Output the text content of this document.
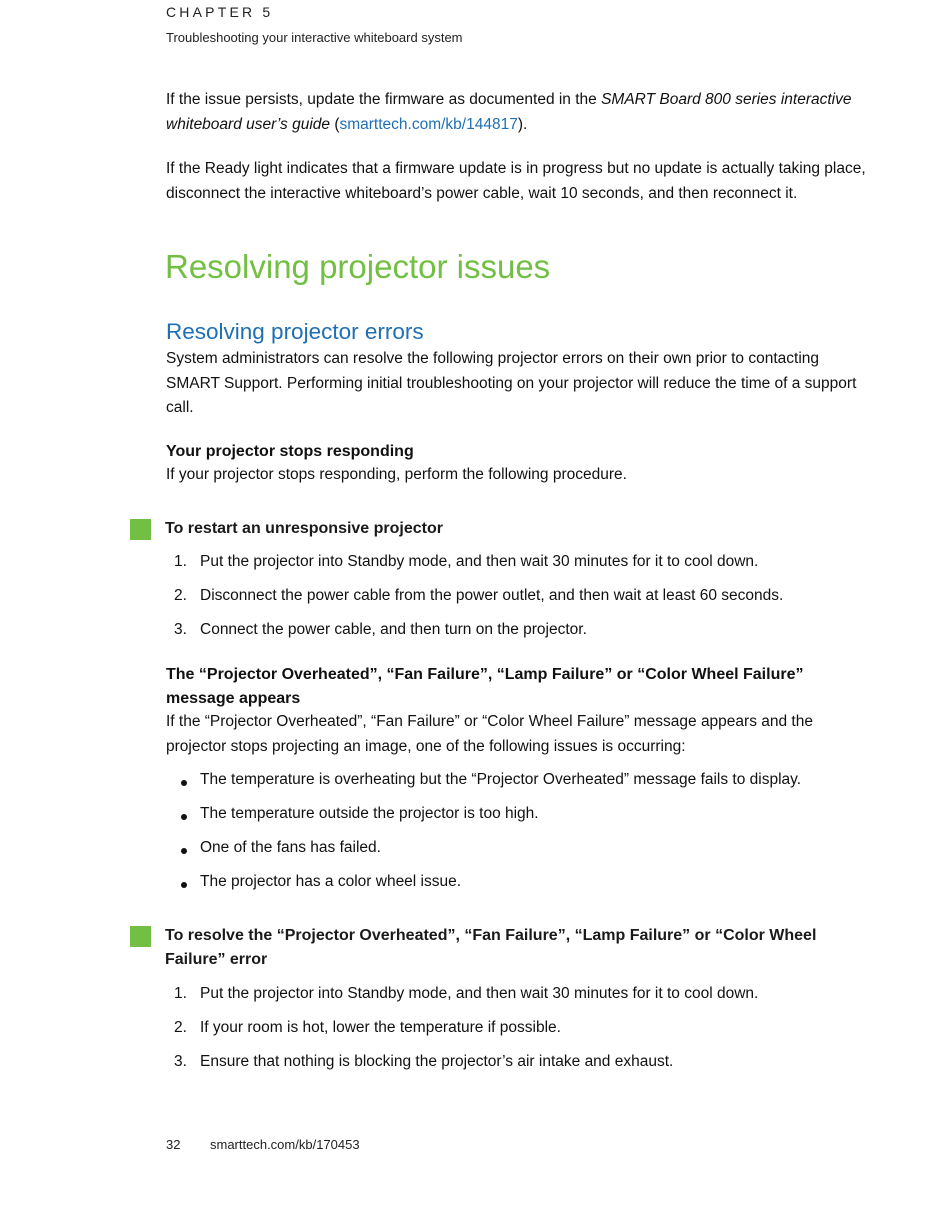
CHAPTER 5
Troubleshooting your interactive whiteboard system

If the issue persists, update the firmware as documented in the SMART Board 800 series interactive whiteboard user’s guide (smarttech.com/kb/144817).

If the Ready light indicates that a firmware update is in progress but no update is actually taking place, disconnect the interactive whiteboard’s power cable, wait 10 seconds, and then reconnect it.

Resolving projector issues
Resolving projector errors

System administrators can resolve the following projector errors on their own prior to contacting SMART Support. Performing initial troubleshooting on your projector will reduce the time of a support call.

Your projector stops responding

If your projector stops responding, perform the following procedure.

To restart an unresponsive projector
1. Put the projector into Standby mode, and then wait 30 minutes for it to cool down.
2. Disconnect the power cable from the power outlet, and then wait at least 60 seconds.
3. Connect the power cable, and then turn on the projector.
The “Projector Overheated”, “Fan Failure”, “Lamp Failure” or “Color Wheel Failure” message appears

If the “Projector Overheated”, “Fan Failure” or “Color Wheel Failure” message appears and the projector stops projecting an image, one of the following issues is occurring:

The temperature is overheating but the “Projector Overheated” message fails to display.
The temperature outside the projector is too high.
One of the fans has failed.
The projector has a color wheel issue.
To resolve the “Projector Overheated”, “Fan Failure”, “Lamp Failure” or “Color Wheel Failure” error
1. Put the projector into Standby mode, and then wait 30 minutes for it to cool down.
2. If your room is hot, lower the temperature if possible.
3. Ensure that nothing is blocking the projector’s air intake and exhaust.
32 smarttech.com/kb/170453
